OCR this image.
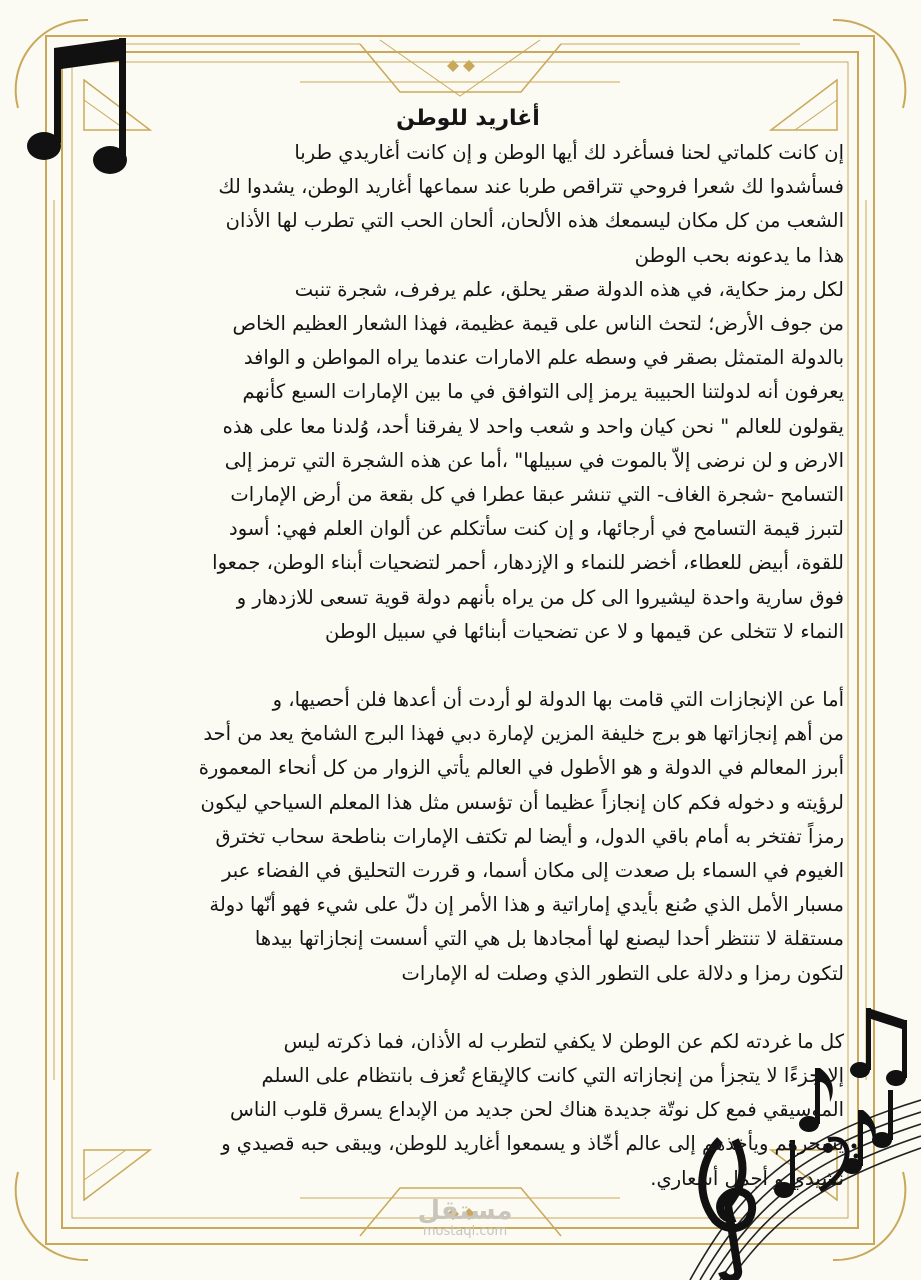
أغاريد للوطن

إن كانت كلماتي لحنا فسأغرد لك أيها الوطن و إن كانت أغاريدي طربا
فسأشدوا لك شعرا فروحي تتراقص طربا عند سماعها أغاريد الوطن، يشدوا لك
الشعب من كل مكان ليسمعك هذه الألحان، ألحان الحب التي تطرب لها الأذان
هذا ما يدعونه بحب الوطن

لكل رمز حكاية، في هذه الدولة صقر يحلق، علم يرفرف، شجرة تنبت
من جوف الأرض؛ لتحث الناس على قيمة عظيمة، فهذا الشعار العظيم الخاص
بالدولة المتمثل بصقر في وسطه علم الامارات عندما يراه المواطن و الوافد
يعرفون أنه لدولتنا الحبيبة يرمز إلى التوافق في ما بين الإمارات السبع كأنهم
يقولون للعالم " نحن كيان واحد و شعب واحد لا يفرقنا أحد، وُلدنا معا على هذه
الارض و لن نرضى إلاّ بالموت في سبيلها" ،أما عن هذه الشجرة التي ترمز إلى
التسامح -شجرة الغاف- التي تنشر عبقا عطرا في كل بقعة من أرض الإمارات
لتبرز قيمة التسامح في أرجائها، و إن كنت سأتكلم عن ألوان العلم فهي: أسود
للقوة، أبيض للعطاء، أخضر للنماء و الإزدهار، أحمر لتضحيات أبناء الوطن، جمعوا
فوق سارية واحدة ليشيروا الى كل من يراه بأنهم دولة قوية تسعى للازدهار و
النماء لا تتخلى عن قيمها و لا عن تضحيات أبنائها في سبيل الوطن

أما عن الإنجازات التي قامت بها الدولة لو أردت أن أعدها فلن أحصيها، و
من أهم إنجازاتها هو برج خليفة المزين لإمارة دبي فهذا البرج الشامخ يعد من أحد
أبرز المعالم في الدولة و هو الأطول في العالم يأتي الزوار من كل أنحاء المعمورة
لرؤيته و دخوله فكم كان إنجازاً عظيما أن تؤسس مثل هذا المعلم السياحي ليكون
رمزاً تفتخر به أمام باقي الدول، و أيضا لم تكتف الإمارات بناطحة سحاب تخترق
الغيوم في السماء بل صعدت إلى مكان أسما، و قررت التحليق في الفضاء عبر
مسبار الأمل الذي صُنع بأيدي إماراتية و هذا الأمر إن دلّ على شيء فهو أنّها دولة
مستقلة لا تنتظر أحدا ليصنع لها أمجادها بل هي التي أسست إنجازاتها بيدها
لتكون رمزا و دلالة على التطور الذي وصلت له الإمارات

كل ما غردته لكم عن الوطن لا يكفي لتطرب له الأذان، فما ذكرته ليس
إلا جزءًا لا يتجزأ من إنجازاته التي كانت كالإيقاع تُعزف بانتظام على السلم
الموسيقي فمع كل نوتّة جديدة هناك لحن جديد من الإبداع يسرق قلوب الناس
يسحرهم ويأخذهم إلى عالم أخّاذ و يسمعوا أغاريد للوطن، ويبقى حبه قصيدي و
نشيدي و أجمل أشعاري.

مستقل
mostaql.com
